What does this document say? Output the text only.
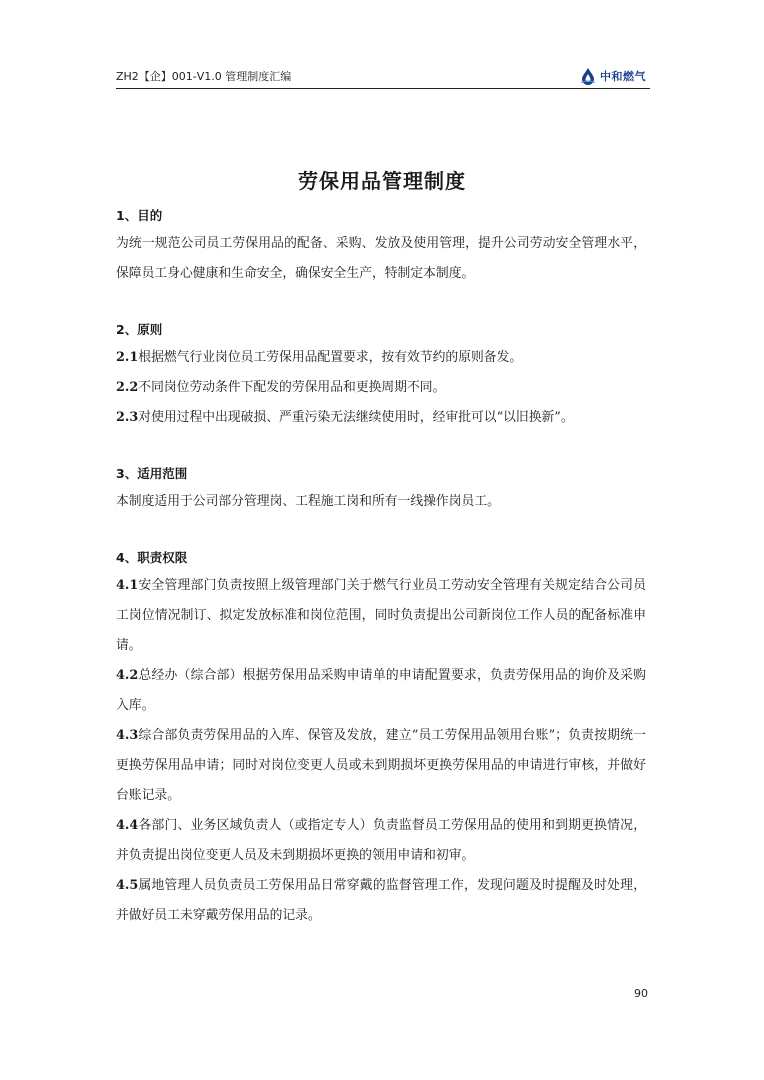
ZH2【企】001-V1.0 管理制度汇编	中和燃气
劳保用品管理制度
1、目的
为统一规范公司员工劳保用品的配备、采购、发放及使用管理，提升公司劳动安全管理水平，保障员工身心健康和生命安全，确保安全生产，特制定本制度。
2、原则
2.1根据燃气行业岗位员工劳保用品配置要求，按有效节约的原则备发。
2.2不同岗位劳动条件下配发的劳保用品和更换周期不同。
2.3对使用过程中出现破损、严重污染无法继续使用时，经审批可以“以旧换新”。
3、适用范围
本制度适用于公司部分管理岗、工程施工岗和所有一线操作岗员工。
4、职责权限
4.1安全管理部门负责按照上级管理部门关于燃气行业员工劳动安全管理有关规定结合公司员工岗位情况制订、拟定发放标准和岗位范围，同时负责提出公司新岗位工作人员的配备标准申请。
4.2总经办（综合部）根据劳保用品采购申请单的申请配置要求，负责劳保用品的询价及采购入库。
4.3综合部负责劳保用品的入库、保管及发放，建立“员工劳保用品领用台账”；负责按期统一更换劳保用品申请；同时对岗位变更人员或未到期损坏更换劳保用品的申请进行审核，并做好台账记录。
4.4各部门、业务区域负责人（或指定专人）负责监督员工劳保用品的使用和到期更换情况，并负责提出岗位变更人员及未到期损坏更换的领用申请和初审。
4.5属地管理人员负责员工劳保用品日常穿戴的监督管理工作，发现问题及时提醒及时处理，并做好员工未穿戴劳保用品的记录。
90
